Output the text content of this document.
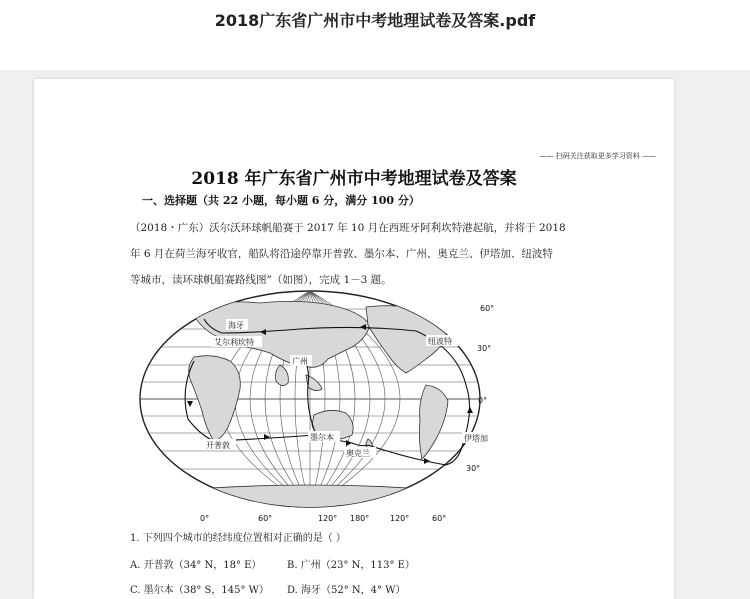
2018广东省广州市中考地理试卷及答案.pdf
—— 扫码关注获取更多学习资料 ——
2018 年广东省广州市中考地理试卷及答案
一、选择题（共 22 小题，每小题 6 分，满分 100 分）
（2018・广东）沃尔沃环球帆船赛于 2017 年 10 月在西班牙阿利坎特港起航，并将于 2018
年 6 月在荷兰海牙收官，船队将沿途停靠开普敦、墨尔本、广州、奥克兰、伊塔加、纽波特
等城市，读环球帆船赛路线图”（如图），完成 1－3 题。
海牙
艾尔利坎特
广州
纽波特
开普敦
墨尔本
奥克兰
伊塔加
60°
30°
0°
30°
0°	60°	120° 180°	120°	60°
1. 下列四个城市的经纬度位置相对正确的是（ ）
A. 开普敦（34° N，18° E）	B. 广州（23° N，113° E）
C. 墨尔本（38° S，145° W） D. 海牙（52° N，4° W）
